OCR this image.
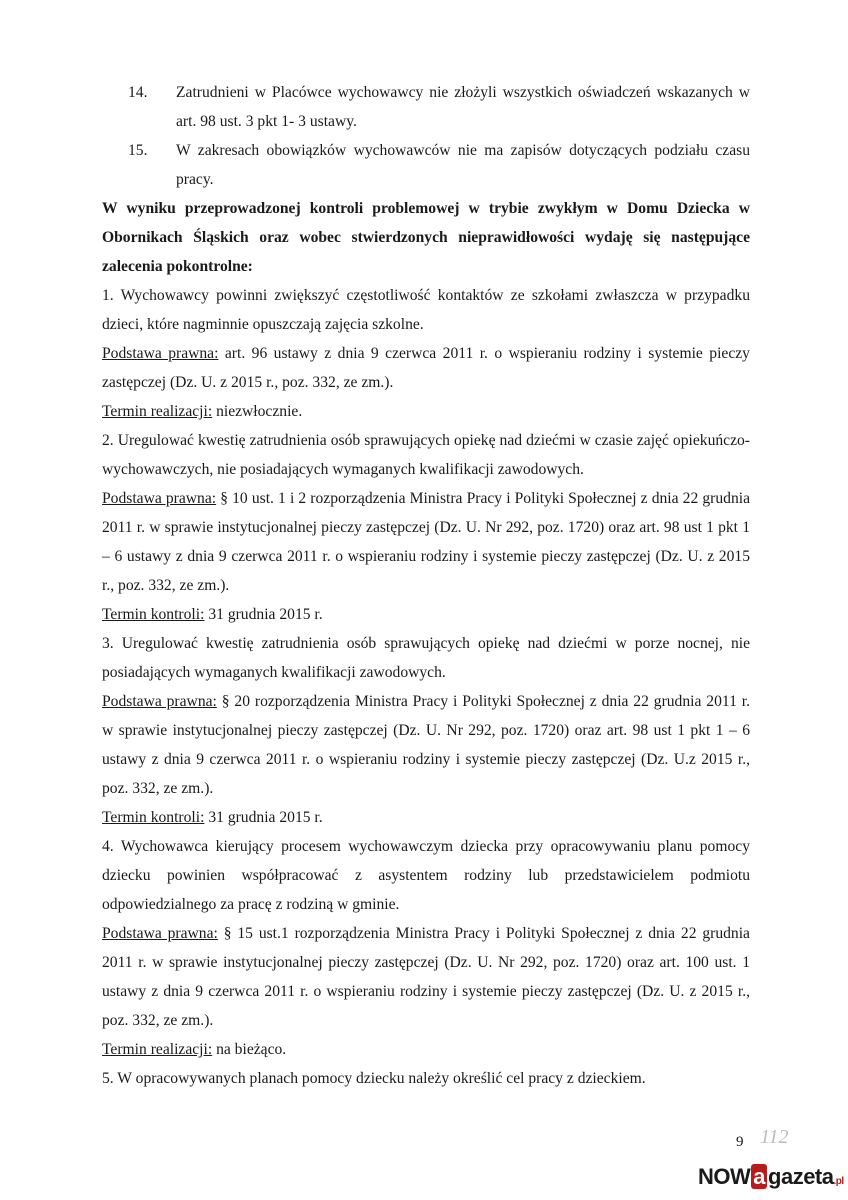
14.	Zatrudnieni w Placówce wychowawcy nie złożyli wszystkich oświadczeń wskazanych w art. 98 ust. 3 pkt 1- 3 ustawy.
15.	W zakresach obowiązków wychowawców nie ma zapisów dotyczących podziału czasu pracy.

W wyniku przeprowadzonej kontroli problemowej w trybie zwykłym w Domu Dziecka w Obornikach Śląskich oraz wobec stwierdzonych nieprawidłowości wydaję się następujące zalecenia pokontrolne:

1. Wychowawcy powinni zwiększyć częstotliwość kontaktów ze szkołami zwłaszcza w przypadku dzieci, które nagminnie opuszczają zajęcia szkolne.

Podstawa prawna: art. 96 ustawy z dnia 9 czerwca 2011 r. o wspieraniu rodziny i systemie pieczy zastępczej (Dz. U. z 2015 r., poz. 332, ze zm.).

Termin realizacji: niezwłocznie.

2. Uregulować kwestię zatrudnienia osób sprawujących opiekę nad dziećmi w czasie zajęć opiekuńczo-wychowawczych, nie posiadających wymaganych kwalifikacji zawodowych.

Podstawa prawna: § 10 ust. 1 i 2 rozporządzenia Ministra Pracy i Polityki Społecznej z dnia 22 grudnia 2011 r. w sprawie instytucjonalnej pieczy zastępczej (Dz. U. Nr 292, poz. 1720) oraz art. 98 ust 1 pkt 1 – 6 ustawy z dnia 9 czerwca 2011 r. o wspieraniu rodziny i systemie pieczy zastępczej (Dz. U. z 2015 r., poz. 332, ze zm.).

Termin kontroli: 31 grudnia 2015 r.

3. Uregulować kwestię zatrudnienia osób sprawujących opiekę nad dziećmi w porze nocnej, nie posiadających wymaganych kwalifikacji zawodowych.

Podstawa prawna: § 20 rozporządzenia Ministra Pracy i Polityki Społecznej z dnia 22 grudnia 2011 r. w sprawie instytucjonalnej pieczy zastępczej (Dz. U. Nr 292, poz. 1720) oraz art. 98 ust 1 pkt 1 – 6 ustawy z dnia 9 czerwca 2011 r. o wspieraniu rodziny i systemie pieczy zastępczej (Dz. U.z 2015 r., poz. 332, ze zm.).

Termin kontroli: 31 grudnia 2015 r.

4. Wychowawca kierujący procesem wychowawczym dziecka przy opracowywaniu planu pomocy dziecku powinien współpracować z asystentem rodziny lub przedstawicielem podmiotu odpowiedzialnego za pracę z rodziną w gminie.

Podstawa prawna: § 15 ust.1 rozporządzenia Ministra Pracy i Polityki Społecznej z dnia 22 grudnia 2011 r. w sprawie instytucjonalnej pieczy zastępczej (Dz. U. Nr 292, poz. 1720) oraz art. 100 ust. 1 ustawy z dnia 9 czerwca 2011 r. o wspieraniu rodziny i systemie pieczy zastępczej (Dz. U. z 2015 r., poz. 332, ze zm.).

Termin realizacji: na bieżąco.

5. W opracowywanych planach pomocy dziecku należy określić cel pracy z dzieckiem.

9 112
NOW a gazeta.pl
